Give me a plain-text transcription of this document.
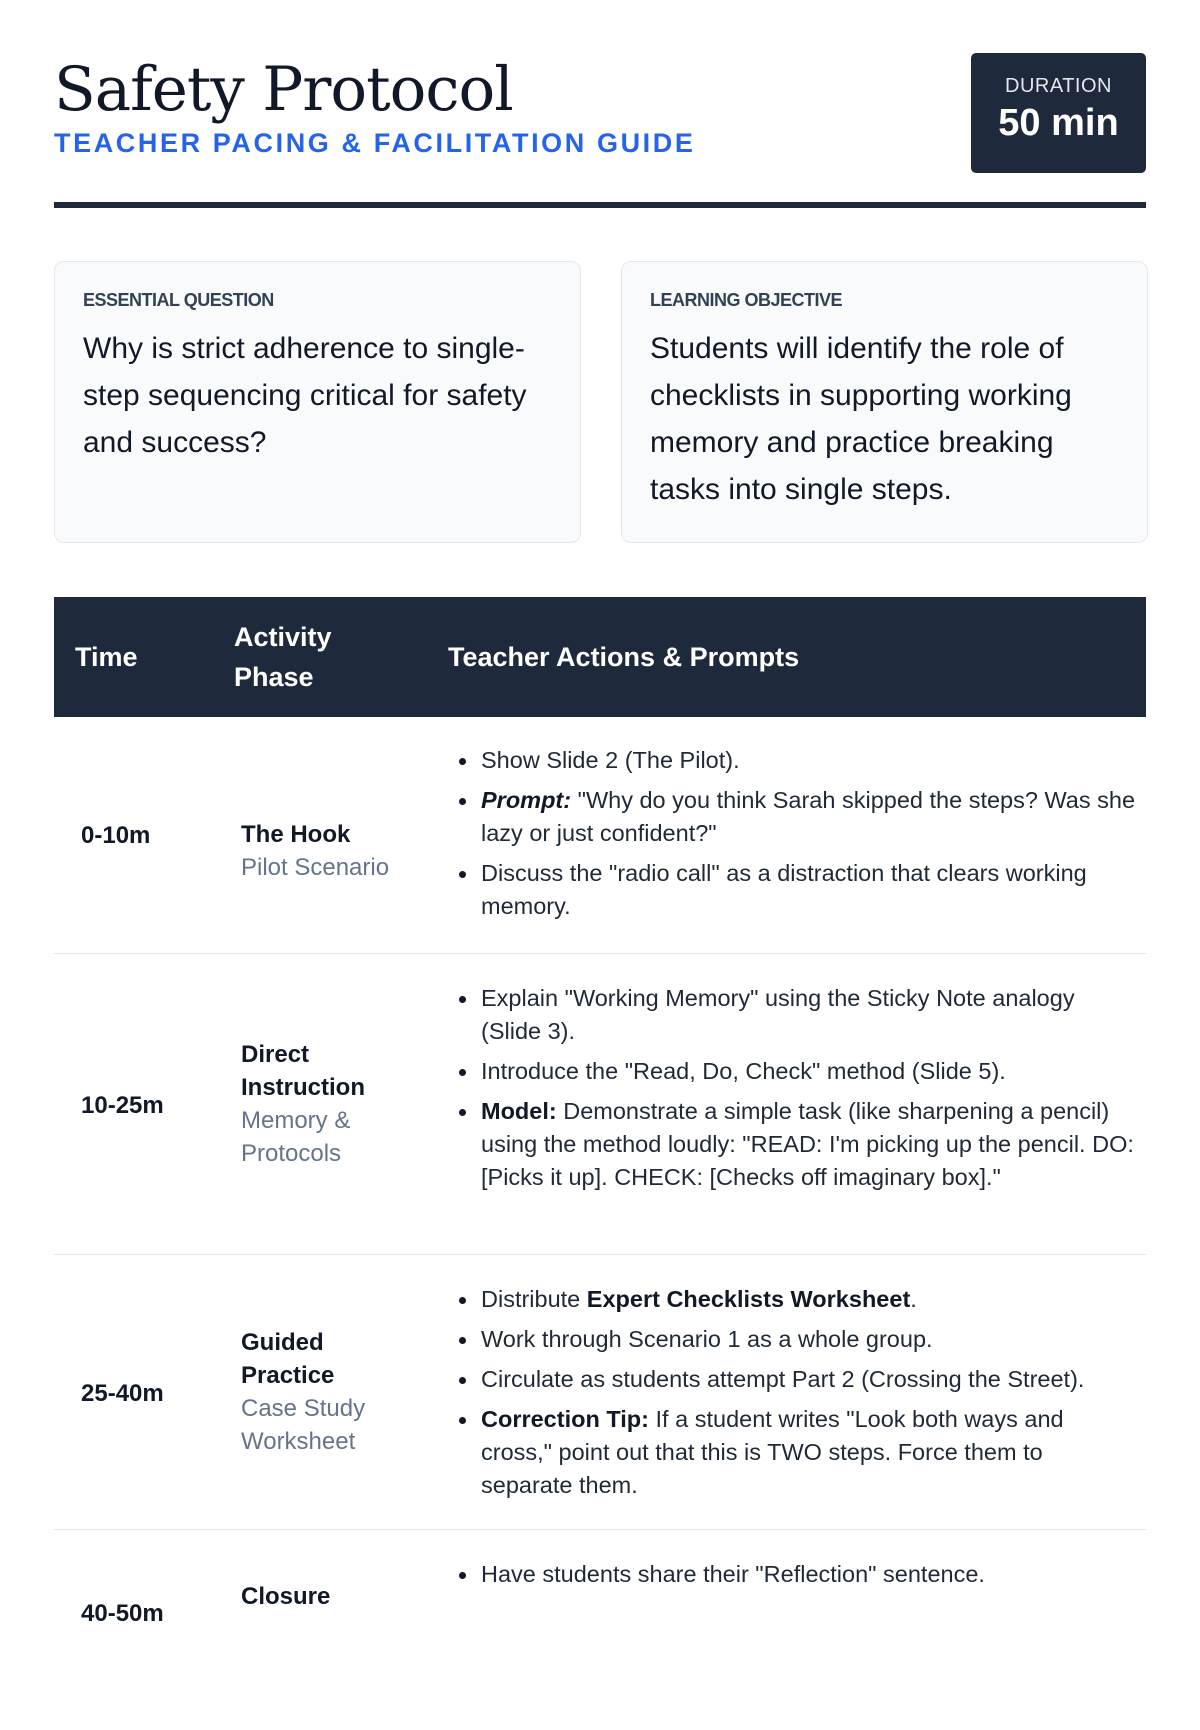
Safety Protocol
TEACHER PACING & FACILITATION GUIDE
DURATION
50 min
ESSENTIAL QUESTION
Why is strict adherence to single-step sequencing critical for safety and success?
LEARNING OBJECTIVE
Students will identify the role of checklists in supporting working memory and practice breaking tasks into single steps.
Time
Activity Phase
Teacher Actions & Prompts
0-10m	The Hook
Pilot Scenario
Show Slide 2 (The Pilot).
Prompt: "Why do you think Sarah skipped the steps? Was she lazy or just confident?"
Discuss the "radio call" as a distraction that clears working memory.
10-25m
Direct Instruction
Memory & Protocols
Explain "Working Memory" using the Sticky Note analogy (Slide 3).
Introduce the "Read, Do, Check" method (Slide 5).
Model: Demonstrate a simple task (like sharpening a pencil) using the method loudly: "READ: I'm picking up the pencil. DO: [Picks it up]. CHECK: [Checks off imaginary box]."
25-40m
Guided Practice
Case Study Worksheet
Distribute Expert Checklists Worksheet.
Work through Scenario 1 as a whole group.
Circulate as students attempt Part 2 (Crossing the Street).
Correction Tip: If a student writes "Look both ways and cross," point out that this is TWO steps. Force them to separate them.
40-50m
Closure
Have students share their "Reflection" sentence.
